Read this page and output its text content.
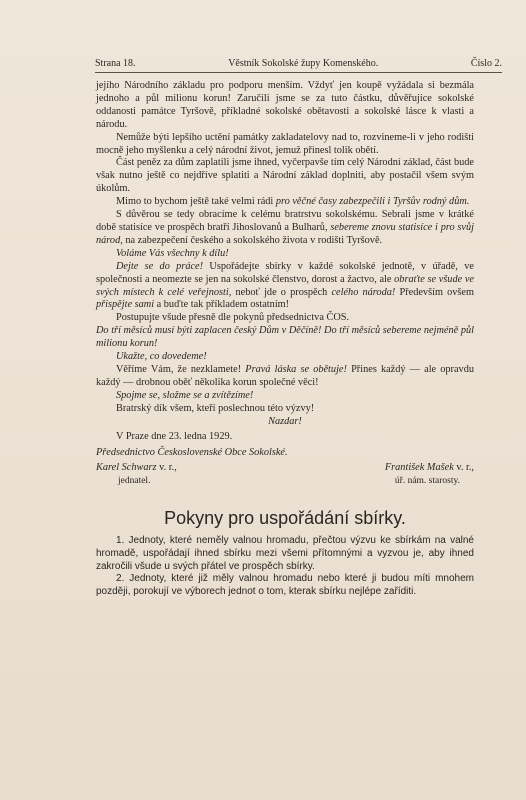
Strana 18.	Věstník Sokolské župy Komenského.	Číslo 2.

jejího Národního základu pro podporu menším. Vždyť jen koupě vyžádala si bezmála jednoho a půl milionu korun! Zaručili jsme se za tuto částku, důvěřujice sokolské oddanosti památce Tyršově, příkladné sokolské obětavosti a sokolské lásce k vlasti a národu.

Nemůže býti lepšího uctění památky zakladatelovy nad to, rozvineme-li v jeho rodišti mocně jeho myšlenku a celý národní život, jemuž přinesl tolik obětí.

Část peněz za dům zaplatili jsme ihned, vyčerpavše tím celý Národní základ, část bude však nutno ještě co nejdříve splatiti a Národní základ doplniti, aby postačil všem svým úkolům.

Mimo to bychom ještě také velmi rádi pro věčné časy zabezpečili i Tyršův rodný dům.

S důvěrou se tedy obracíme k celému bratrstvu sokolskému. Sebrali jsme v krátké době statisíce ve prospěch bratří Jihoslovanů a Bulharů, sebereme znovu statisíce i pro svůj národ, na zabezpečení českého a sokolského života v rodišti Tyršově.

Voláme Vás všechny k dílu!

Dejte se do práce! Uspořádejte sbírky v každé sokolské jednotě, v úřadě, ve společnosti a neomezte se jen na sokolské členstvo, dorost a žactvo, ale obraťte se všude ve svých místech k celé veřejnosti, neboť jde o prospěch celého národa! Především ovšem přispějte sami a buďte tak příkladem ostatním!

Postupujte všude přesně dle pokynů předsednictva ČOS.

Do tří měsíců musí býti zaplacen český Dům v Děčíně! Do tří měsíců sebereme nejméně půl milionu korun!

Ukažte, co dovedeme!

Věříme Vám, že nezklamete! Pravá láska se obětuje! Přines každý — ale opravdu každý — drobnou oběť několika korun společné věci!

Spojme se, složme se a zvítězíme!

Bratrský dík všem, kteří poslechnou této výzvy!

Nazdar!

V Praze dne 23. ledna 1929.

Předsednictvo Československé Obce Sokolské.

Karel Schwarz v. r.,	František Mašek v. r.,
jednatel.	úř. nám. starosty.
Pokyny pro uspořádání sbírky.

1. Jednoty, které neměly valnou hromadu, přečtou výzvu ke sbírkám na valné hromadě, uspořádají ihned sbírku mezi všemi přítomnými a vyzvou je, aby ihned zakročili všude u svých přátel ve prospěch sbírky.

2. Jednoty, které již měly valnou hromadu nebo které ji budou míti mnohem později, porokují ve výborech jednot o tom, kterak sbírku nejlépe zaříditi.
